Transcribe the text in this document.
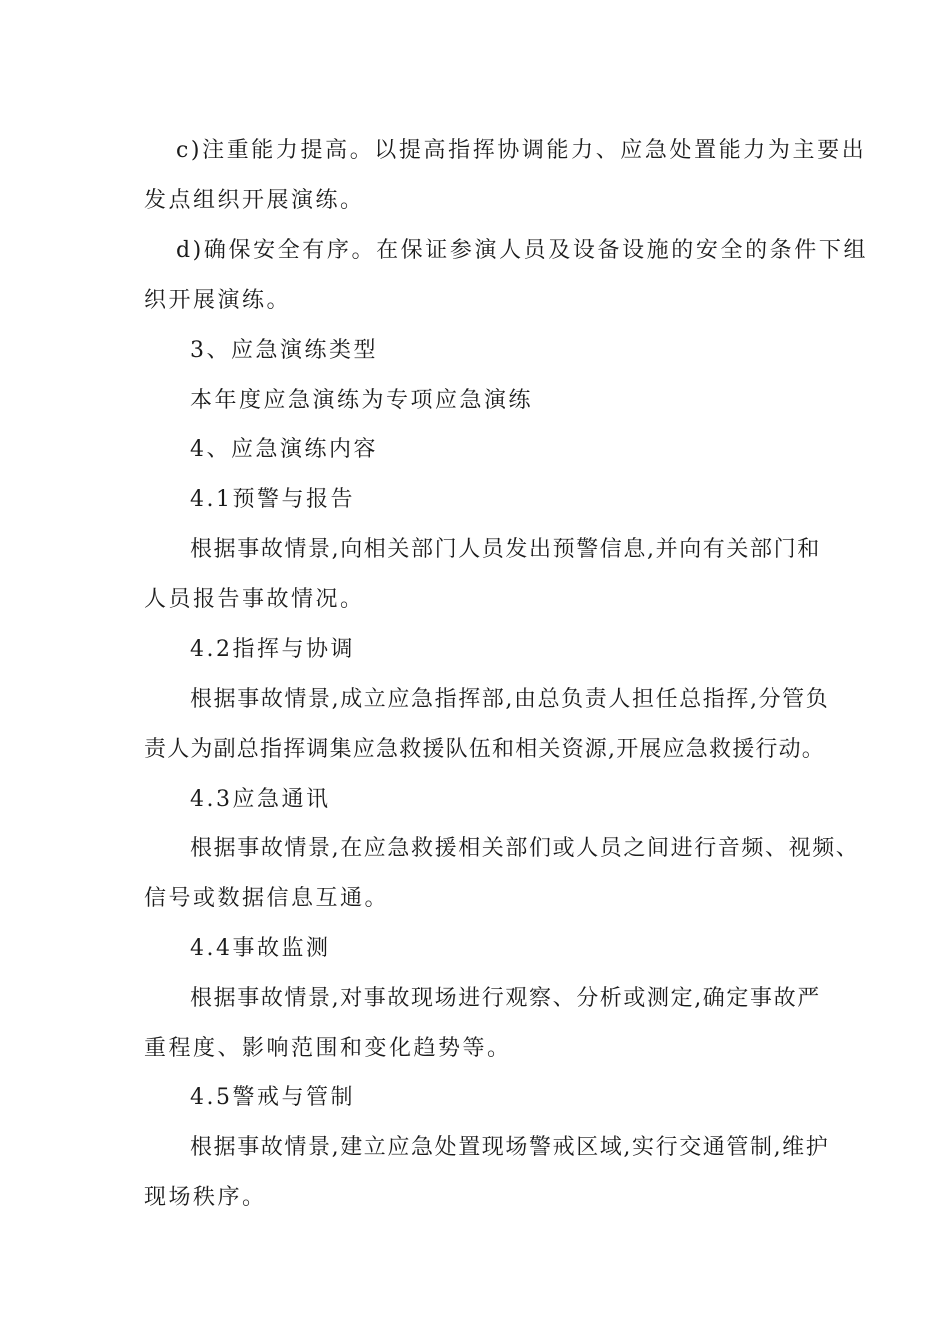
c)注重能力提高。以提高指挥协调能力、应急处置能力为主要出
发点组织开展演练。
d)确保安全有序。在保证参演人员及设备设施的安全的条件下组
织开展演练。
3、应急演练类型
本年度应急演练为专项应急演练
4、应急演练内容
4.1预警与报告
根据事故情景,向相关部门人员发出预警信息,并向有关部门和
人员报告事故情况。
4.2指挥与协调
根据事故情景,成立应急指挥部,由总负责人担任总指挥,分管负
责人为副总指挥调集应急救援队伍和相关资源,开展应急救援行动。
4.3应急通讯
根据事故情景,在应急救援相关部们或人员之间进行音频、视频、
信号或数据信息互通。
4.4事故监测
根据事故情景,对事故现场进行观察、分析或测定,确定事故严
重程度、影响范围和变化趋势等。
4.5警戒与管制
根据事故情景,建立应急处置现场警戒区域,实行交通管制,维护
现场秩序。
